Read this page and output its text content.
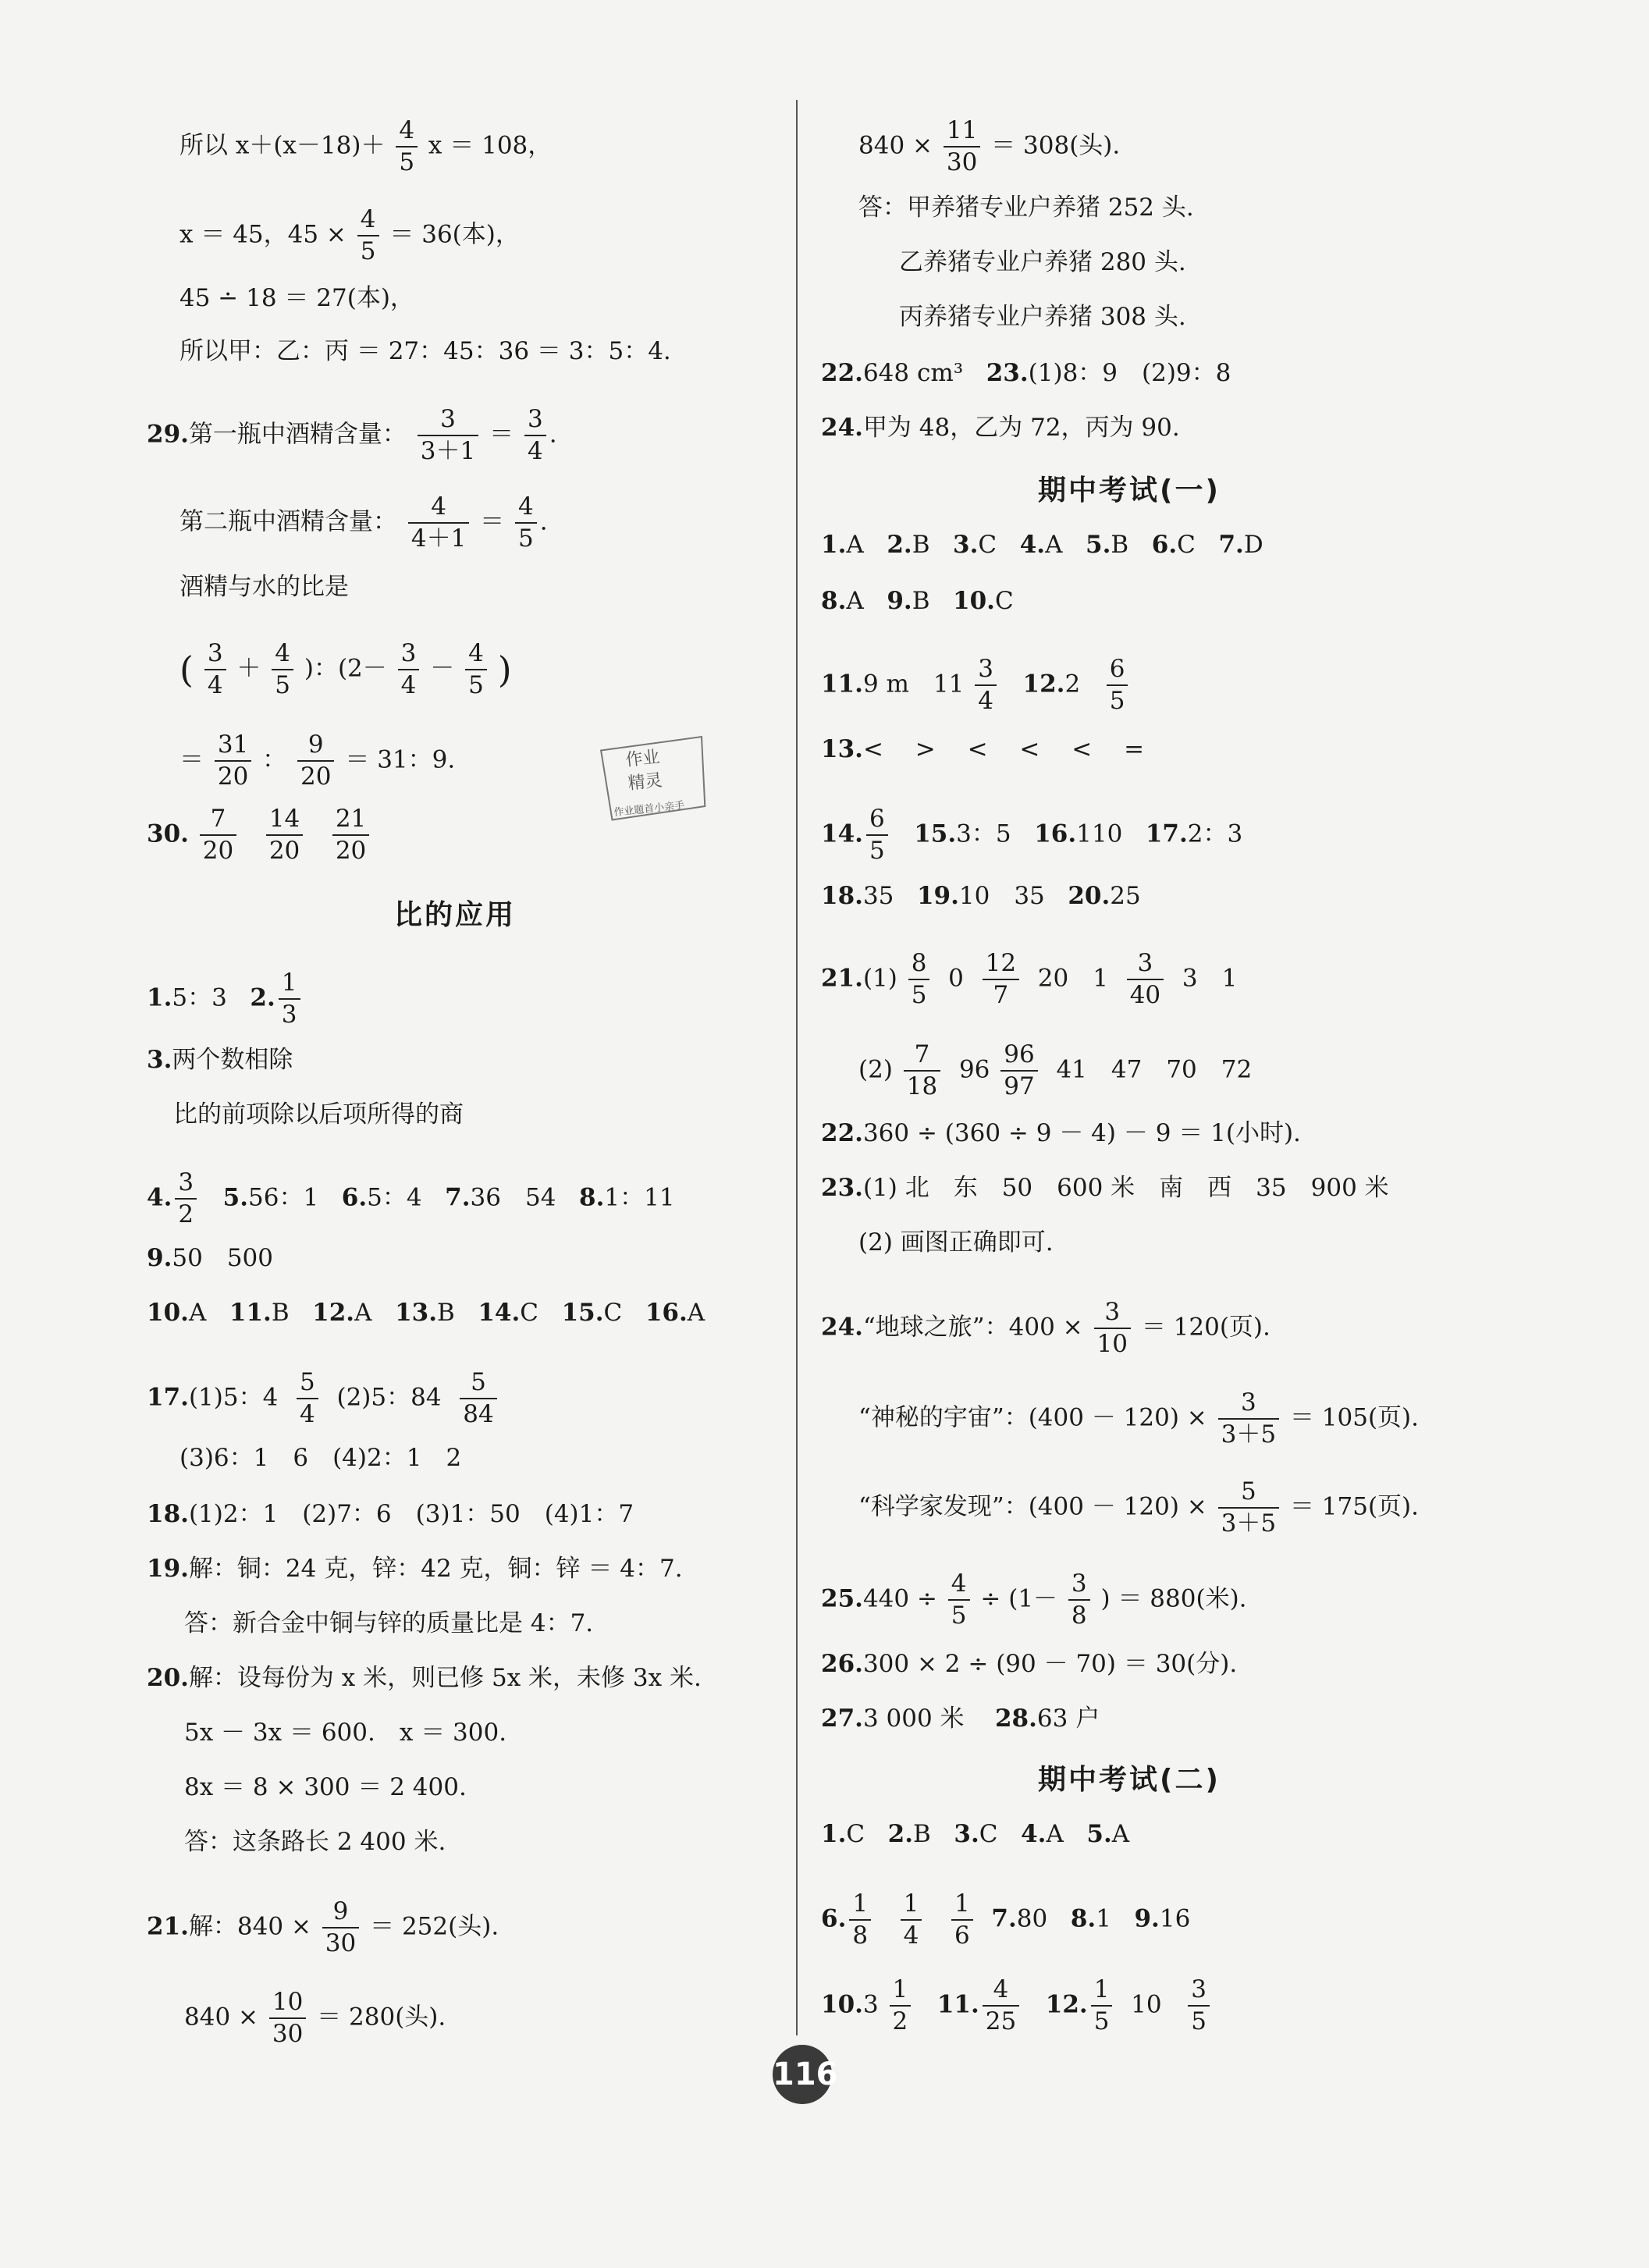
所以 $x+(x-18)+ \frac{4}{5}$ x ＝ 108，
x ＝ 45，$45 \times \frac{4}{5} = 36$(本)，
45 ∸ 18 ＝ 27(本)，
所以甲：乙：丙 ＝ 27：45：36 ＝ 3：5：4.
29.第一瓶中酒精含量： $\frac{3}{3+1} = \frac{3}{4}$ .
第二瓶中酒精含量： $\frac{4}{4+1} = \frac{4}{5}$ .
酒精与水的比是
( $\frac{3}{4} + \frac{4}{5}$ )：($2- \frac{3}{4} - \frac{4}{5}$ )
＝ $\frac{31}{20}$ ： $\frac{9}{20} = 31$：9.
30. $\frac{7}{20}$
$\frac{14}{20}$
$\frac{21}{20}$
作业
精灵
作业题首小亲手
比的应用
1.5：3 2. $\frac{1}{3}$
3.两个数相除
比的前项除以后项所得的商
4. $\frac{3}{2} 5.56$：1 6.5：4 7.36　54 8.1：11
9.50　500
10.A 11.B 12.A 13.B 14.C 15.C 16.A
17.(1)5：$4 \frac{5}{4} (2)5$：$84 \frac{5}{84}$
(3)6：1　6　(4)2：1　2
18.(1)2：1　(2)7：6　(3)1：50　(4)1：7
19.解：铜：24 克，锌：42 克，铜：锌 ＝ 4：7.
答：新合金中铜与锌的质量比是 4：7.
20.解：设每份为 x 米，则已修 5x 米，未修 3x 米.
5x － 3x ＝ 600.　x ＝ 300.
8x ＝ 8 × 300 ＝ 2 400.
答：这条路长 2 400 米.
21.解：$840 \times \frac{9}{30} = 252$(头).
$840 \times \frac{10}{30} = 280$(头).
$840 \times \frac{11}{30} = 308$(头).
答：甲养猪专业户养猪 252 头.
乙养猪专业户养猪 280 头.
丙养猪专业户养猪 308 头.
22.648 cm³ 23.(1)8：9　(2)9：8
24.甲为 48，乙为 72，丙为 90.
期中考试(一)
1.A 2.B 3.C 4.A 5.B 6.C 7.D
8.A 9.B 10.C
11.9 m　$11 \frac{3}{4} 12.2 \frac{6}{5}$
13.<　 >　 <　 <　 <　 =
14. $\frac{6}{5} 15.3$：5 16.110 17.2：3
18.35 19.10　35 20.25
$21.(1) \frac{8}{5} 0 \frac{12}{7} 20$　$1 \frac{3}{40} 3$　1
$(2) \frac{7}{18} 96 \frac{96}{97} 41$　47　70　72
22.360 ÷ (360 ÷ 9 － 4) － 9 ＝ 1(小时).
23.(1) 北　东　50　600 米　南　西　35　900 米
(2) 画图正确即可.
24.“地球之旅”：$400 \times \frac{3}{10} = 120$(页).
“神秘的宇宙”：$(400 - 120) \times \frac{3}{3+5} = 105$(页).
“科学家发现”：$(400 - 120) \times \frac{5}{3+5} = 175$(页).
$25.440 \div \frac{4}{5} \div (1- \frac{3}{8}$ ) ＝ 880(米).
26.300 × 2 ÷ (90 － 70) ＝ 30(分).
27.3 000 米 28.63 户
期中考试(二)
1.C 2.B 3.C 4.A 5.A
6. $\frac{1}{8}$
$\frac{1}{4}$
$\frac{1}{6} 7.80$ 8.1 9.16
$10.3 \frac{1}{2} 11$. $\frac{4}{25} 12$. $\frac{1}{5} 10 \frac{3}{5}$
116
